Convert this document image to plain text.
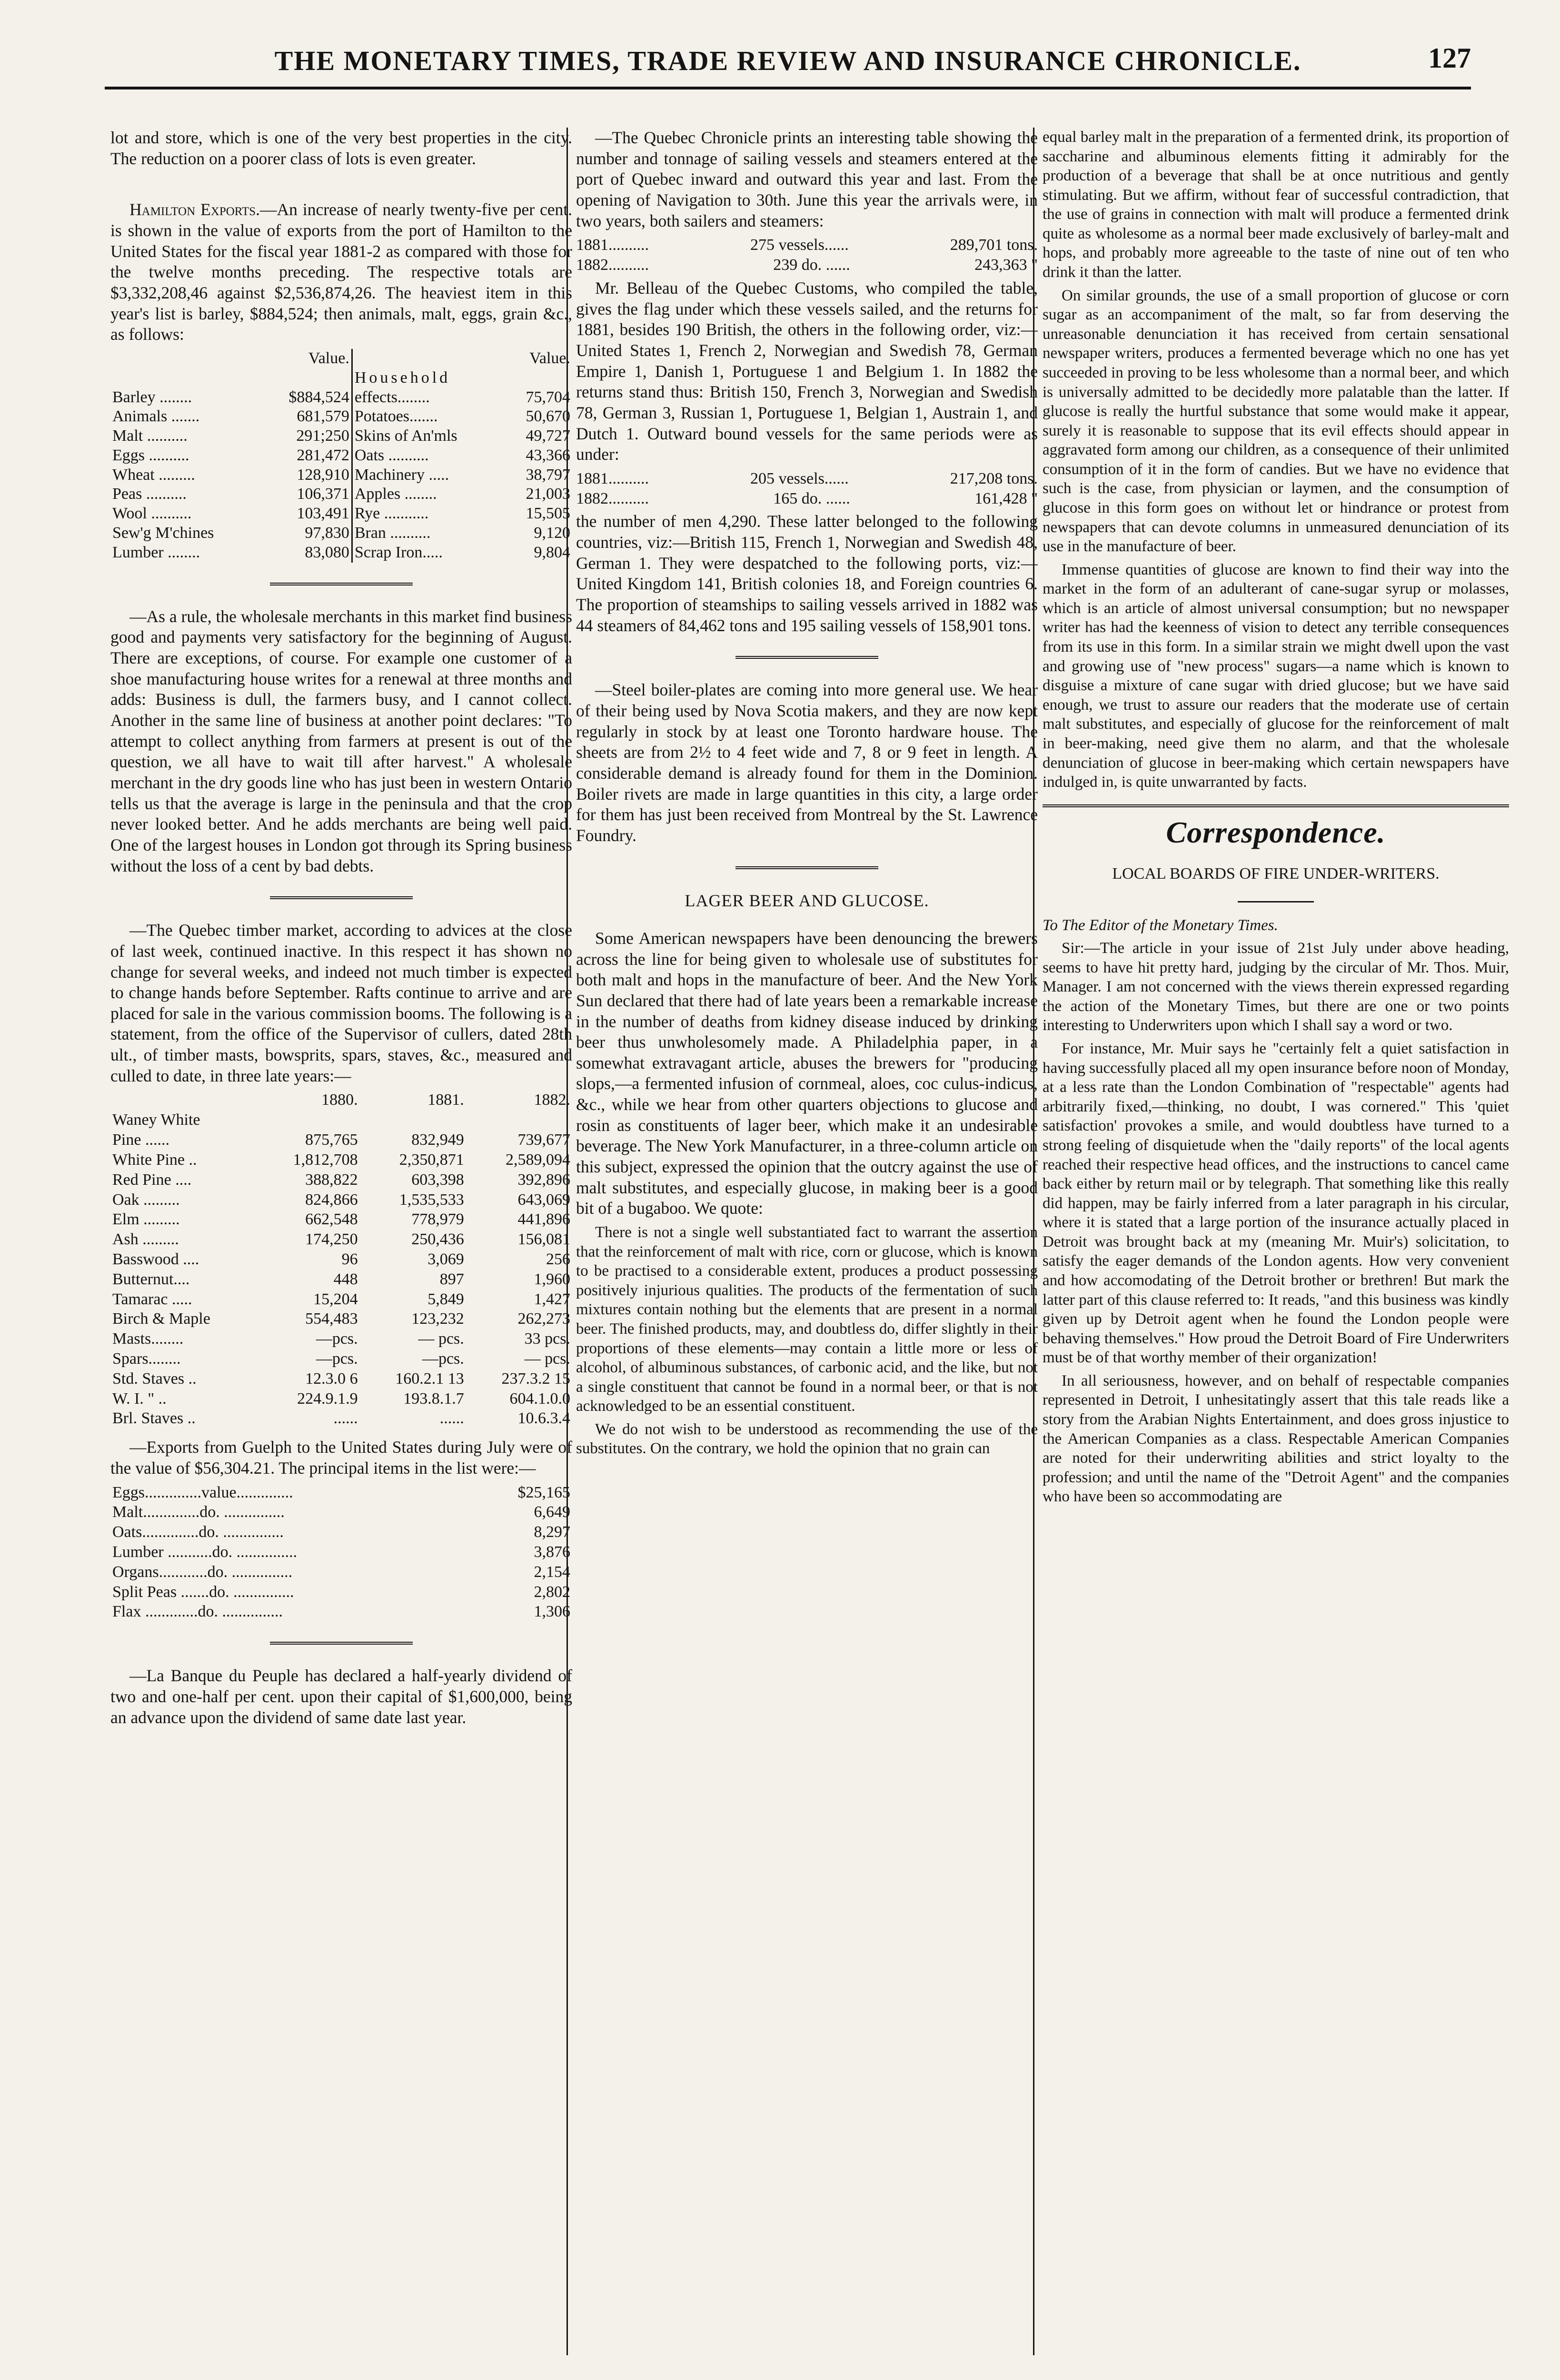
THE MONETARY TIMES, TRADE REVIEW AND INSURANCE CHRONICLE.	127

lot and store, which is one of the very best properties in the city. The reduction on a poorer class of lots is even greater.

Hamilton Exports.—An increase of nearly twenty-five per cent. is shown in the value of exports from the port of Hamilton to the United States for the fiscal year 1881-2 as compared with those for the twelve months preceding. The respective totals are $3,332,208,46 against $2,536,874,26. The heaviest item in this year's list is barley, $884,524; then animals, malt, eggs, grain &c., as follows:

	Value.		Value.
		Household	
Barley ........	$884,524	effects........	75,704
Animals .......	681,579	Potatoes.......	50,670
Malt ..........	291;250	Skins of An'mls	49,727
Eggs ..........	281,472	Oats ..........	43,366
Wheat .........	128,910	Machinery .....	38,797
Peas ..........	106,371	Apples ........	21,003
Wool ..........	103,491	Rye ...........	15,505
Sew'g M'chines	97,830	Bran ..........	9,120
Lumber ........	83,080	Scrap Iron.....	9,804

—As a rule, the wholesale merchants in this market find business good and payments very satisfactory for the beginning of August. There are exceptions, of course. For example one customer of a shoe manufacturing house writes for a renewal at three months and adds: Business is dull, the farmers busy, and I cannot collect. Another in the same line of business at another point declares: "To attempt to collect anything from farmers at present is out of the question, we all have to wait till after harvest." A wholesale merchant in the dry goods line who has just been in western Ontario tells us that the average is large in the peninsula and that the crop never looked better. And he adds merchants are being well paid. One of the largest houses in London got through its Spring business without the loss of a cent by bad debts.

—The Quebec timber market, according to advices at the close of last week, continued inactive. In this respect it has shown no change for several weeks, and indeed not much timber is expected to change hands before September. Rafts continue to arrive and are placed for sale in the various commission booms. The following is a statement, from the office of the Supervisor of cullers, dated 28th ult., of timber masts, bowsprits, spars, staves, &c., measured and culled to date, in three late years:—

	1880.	1881.	1882.
Waney White			
Pine ......	875,765	832,949	739,677
White Pine ..	1,812,708	2,350,871	2,589,094
Red Pine ....	388,822	603,398	392,896
Oak .........	824,866	1,535,533	643,069
Elm .........	662,548	778,979	441,896
Ash .........	174,250	250,436	156,081
Basswood ....	96	3,069	256
Butternut....	448	897	1,960
Tamarac .....	15,204	5,849	1,427
Birch & Maple	554,483	123,232	262,273
Masts........	—pcs.	— pcs.	33 pcs.
Spars........	—pcs.	—pcs.	— pcs.
Std. Staves ..	12.3.0 6	160.2.1 13	237.3.2 15
W. I. " ..	224.9.1.9	193.8.1.7	604.1.0.0
Brl. Staves ..	......	......	10.6.3.4

—Exports from Guelph to the United States during July were of the value of $56,304.21. The principal items in the list were:—

Eggs..............value..............	$25,165
Malt..............do. ...............	6,649
Oats..............do. ...............	8,297
Lumber ...........do. ...............	3,876
Organs............do. ...............	2,154
Split Peas .......do. ...............	2,802
Flax .............do. ...............	1,306

—La Banque du Peuple has declared a half-yearly dividend of two and one-half per cent. upon their capital of $1,600,000, being an advance upon the dividend of same date last year.

—The Quebec Chronicle prints an interesting table showing the number and tonnage of sailing vessels and steamers entered at the port of Quebec inward and outward this year and last. From the opening of Navigation to 30th. June this year the arrivals were, in two years, both sailers and steamers:

1881..........	275 vessels......	289,701 tons.
1882..........	239 do. ......	243,363 "

Mr. Belleau of the Quebec Customs, who compiled the table, gives the flag under which these vessels sailed, and the returns for 1881, besides 190 British, the others in the following order, viz:—United States 1, French 2, Norwegian and Swedish 78, German Empire 1, Danish 1, Portuguese 1 and Belgium 1. In 1882 the returns stand thus: British 150, French 3, Norwegian and Swedish 78, German 3, Russian 1, Portuguese 1, Belgian 1, Austrain 1, and Dutch 1. Outward bound vessels for the same periods were as under:

1881..........	205 vessels......	217,208 tons.
1882..........	165 do. ......	161,428 "

the number of men 4,290. These latter belonged to the following countries, viz:—British 115, French 1, Norwegian and Swedish 48, German 1. They were despatched to the following ports, viz:—United Kingdom 141, British colonies 18, and Foreign countries 6. The proportion of steamships to sailing vessels arrived in 1882 was 44 steamers of 84,462 tons and 195 sailing vessels of 158,901 tons.

—Steel boiler-plates are coming into more general use. We hear of their being used by Nova Scotia makers, and they are now kept regularly in stock by at least one Toronto hardware house. The sheets are from 2½ to 4 feet wide and 7, 8 or 9 feet in length. A considerable demand is already found for them in the Dominion. Boiler rivets are made in large quantities in this city, a large order for them has just been received from Montreal by the St. Lawrence Foundry.

LAGER BEER AND GLUCOSE.

Some American newspapers have been denouncing the brewers across the line for being given to wholesale use of substitutes for both malt and hops in the manufacture of beer. And the New York Sun declared that there had of late years been a remarkable increase in the number of deaths from kidney disease induced by drinking beer thus unwholesomely made. A Philadelphia paper, in a somewhat extravagant article, abuses the brewers for "producing slops,—a fermented infusion of cornmeal, aloes, coc culus-indicus, &c., while we hear from other quarters objections to glucose and rosin as constituents of lager beer, which make it an undesirable beverage. The New York Manufacturer, in a three-column article on this subject, expressed the opinion that the outcry against the use of malt substitutes, and especially glucose, in making beer is a good bit of a bugaboo. We quote:

There is not a single well substantiated fact to warrant the assertion that the reinforcement of malt with rice, corn or glucose, which is known to be practised to a considerable extent, produces a product possessing positively injurious qualities. The products of the fermentation of such mixtures contain nothing but the elements that are present in a normal beer. The finished products, may, and doubtless do, differ slightly in their proportions of these elements—may contain a little more or less of alcohol, of albuminous substances, of carbonic acid, and the like, but not a single constituent that cannot be found in a normal beer, or that is not acknowledged to be an essential constituent.

We do not wish to be understood as recommending the use of the substitutes. On the contrary, we hold the opinion that no grain can

equal barley malt in the preparation of a fermented drink, its proportion of saccharine and albuminous elements fitting it admirably for the production of a beverage that shall be at once nutritious and gently stimulating. But we affirm, without fear of successful contradiction, that the use of grains in connection with malt will produce a fermented drink quite as wholesome as a normal beer made exclusively of barley-malt and hops, and probably more agreeable to the taste of nine out of ten who drink it than the latter.

On similar grounds, the use of a small proportion of glucose or corn sugar as an accompaniment of the malt, so far from deserving the unreasonable denunciation it has received from certain sensational newspaper writers, produces a fermented beverage which no one has yet succeeded in proving to be less wholesome than a normal beer, and which is universally admitted to be decidedly more palatable than the latter. If glucose is really the hurtful substance that some would make it appear, surely it is reasonable to suppose that its evil effects should appear in aggravated form among our children, as a consequence of their unlimited consumption of it in the form of candies. But we have no evidence that such is the case, from physician or laymen, and the consumption of glucose in this form goes on without let or hindrance or protest from newspapers that can devote columns in unmeasured denunciation of its use in the manufacture of beer.

Immense quantities of glucose are known to find their way into the market in the form of an adulterant of cane-sugar syrup or molasses, which is an article of almost universal consumption; but no newspaper writer has had the keenness of vision to detect any terrible consequences from its use in this form. In a similar strain we might dwell upon the vast and growing use of "new process" sugars—a name which is known to disguise a mixture of cane sugar with dried glucose; but we have said enough, we trust to assure our readers that the moderate use of certain malt substitutes, and especially of glucose for the reinforcement of malt in beer-making, need give them no alarm, and that the wholesale denunciation of glucose in beer-making which certain newspapers have indulged in, is quite unwarranted by facts.

Correspondence.
LOCAL BOARDS OF FIRE UNDER-WRITERS.

To The Editor of the Monetary Times.

Sir:—The article in your issue of 21st July under above heading, seems to have hit pretty hard, judging by the circular of Mr. Thos. Muir, Manager. I am not concerned with the views therein expressed regarding the action of the Monetary Times, but there are one or two points interesting to Underwriters upon which I shall say a word or two.

For instance, Mr. Muir says he "certainly felt a quiet satisfaction in having successfully placed all my open insurance before noon of Monday, at a less rate than the London Combination of "respectable" agents had arbitrarily fixed,—thinking, no doubt, I was cornered." This 'quiet satisfaction' provokes a smile, and would doubtless have turned to a strong feeling of disquietude when the "daily reports" of the local agents reached their respective head offices, and the instructions to cancel came back either by return mail or by telegraph. That something like this really did happen, may be fairly inferred from a later paragraph in his circular, where it is stated that a large portion of the insurance actually placed in Detroit was brought back at my (meaning Mr. Muir's) solicitation, to satisfy the eager demands of the London agents. How very convenient and how accomodating of the Detroit brother or brethren! But mark the latter part of this clause referred to: It reads, "and this business was kindly given up by Detroit agent when he found the London people were behaving themselves." How proud the Detroit Board of Fire Underwriters must be of that worthy member of their organization!

In all seriousness, however, and on behalf of respectable companies represented in Detroit, I unhesitatingly assert that this tale reads like a story from the Arabian Nights Entertainment, and does gross injustice to the American Companies as a class. Respectable American Companies are noted for their underwriting abilities and strict loyalty to the profession; and until the name of the "Detroit Agent" and the companies who have been so accommodating are
